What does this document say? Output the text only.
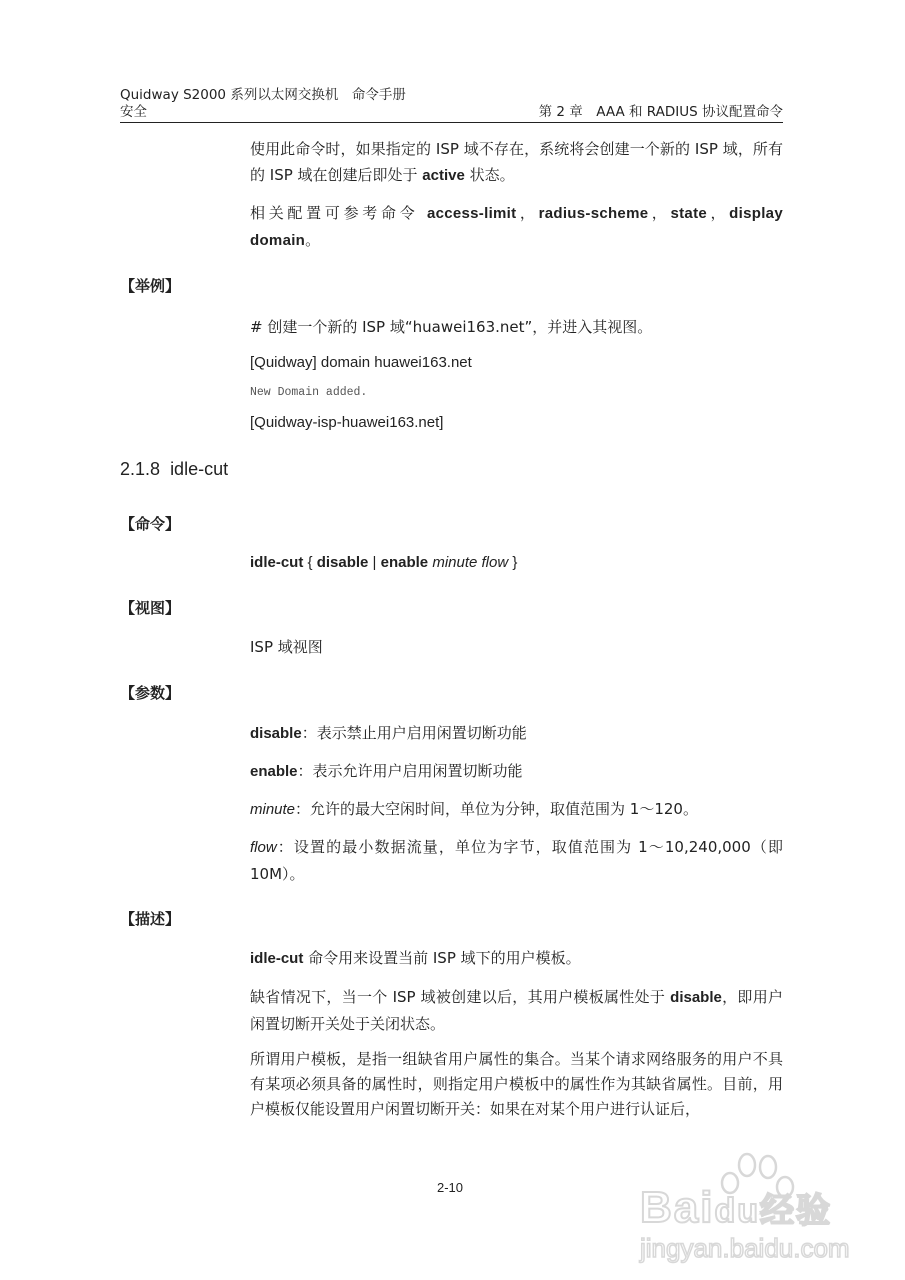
Quidway S2000 系列以太网交换机　命令手册
安全	第 2 章　AAA 和 RADIUS 协议配置命令
使用此命令时，如果指定的 ISP 域不存在，系统将会创建一个新的 ISP 域，所有的 ISP 域在创建后即处于 active 状态。
相关配置可参考命令 access-limit，radius-scheme，state，display domain。
【举例】
# 创建一个新的 ISP 域“huawei163.net”，并进入其视图。
[Quidway] domain huawei163.net
New Domain added.
[Quidway-isp-huawei163.net]
2.1.8 idle-cut
【命令】
idle-cut { disable | enable minute flow }
【视图】
ISP 域视图
【参数】
disable：表示禁止用户启用闲置切断功能
enable：表示允许用户启用闲置切断功能
minute：允许的最大空闲时间，单位为分钟，取值范围为 1～120。
flow：设置的最小数据流量，单位为字节，取值范围为 1～10,240,000（即 10M）。
【描述】
idle-cut 命令用来设置当前 ISP 域下的用户模板。
缺省情况下，当一个 ISP 域被创建以后，其用户模板属性处于 disable，即用户闲置切断开关处于关闭状态。
所谓用户模板，是指一组缺省用户属性的集合。当某个请求网络服务的用户不具有某项必须具备的属性时，则指定用户模板中的属性作为其缺省属性。目前，用户模板仅能设置用户闲置切断开关：如果在对某个用户进行认证后，
2-10	Baidu经验
jingyan.baidu.com
